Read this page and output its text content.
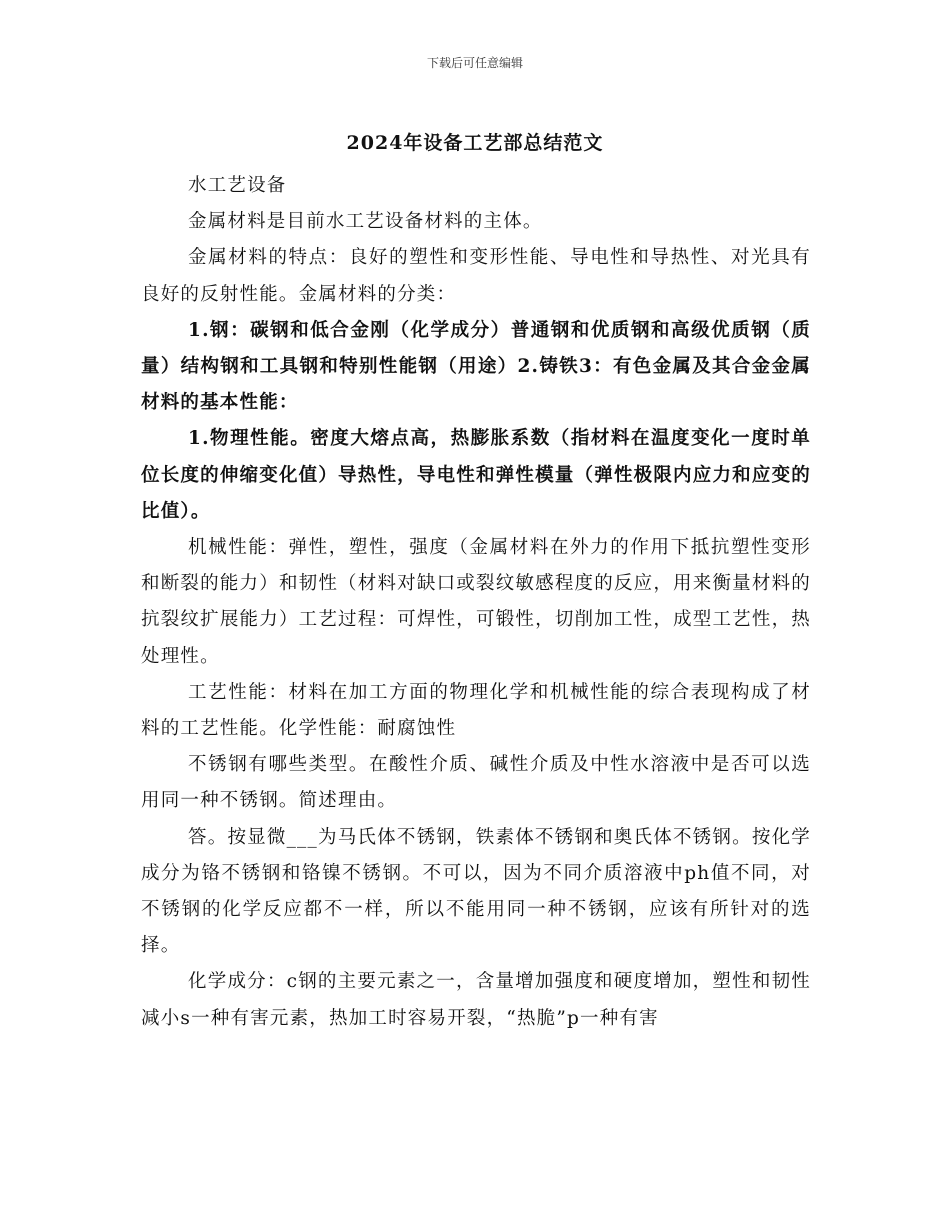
下载后可任意编辑
2024年设备工艺部总结范文

水工艺设备

金属材料是目前水工艺设备材料的主体。

金属材料的特点：良好的塑性和变形性能、导电性和导热性、对光具有良好的反射性能。金属材料的分类：

1.钢：碳钢和低合金刚（化学成分）普通钢和优质钢和高级优质钢（质量）结构钢和工具钢和特别性能钢（用途）2.铸铁3：有色金属及其合金金属材料的基本性能：

1.物理性能。密度大熔点高，热膨胀系数（指材料在温度变化一度时单位长度的伸缩变化值）导热性，导电性和弹性模量（弹性极限内应力和应变的比值）。

机械性能：弹性，塑性，强度（金属材料在外力的作用下抵抗塑性变形和断裂的能力）和韧性（材料对缺口或裂纹敏感程度的反应，用来衡量材料的抗裂纹扩展能力）工艺过程：可焊性，可锻性，切削加工性，成型工艺性，热处理性。

工艺性能：材料在加工方面的物理化学和机械性能的综合表现构成了材料的工艺性能。化学性能：耐腐蚀性

不锈钢有哪些类型。在酸性介质、碱性介质及中性水溶液中是否可以选用同一种不锈钢。简述理由。

答。按显微___为马氏体不锈钢，铁素体不锈钢和奥氏体不锈钢。按化学成分为铬不锈钢和铬镍不锈钢。不可以，因为不同介质溶液中ph值不同，对不锈钢的化学反应都不一样，所以不能用同一种不锈钢，应该有所针对的选择。

化学成分：c钢的主要元素之一，含量增加强度和硬度增加，塑性和韧性减小s一种有害元素，热加工时容易开裂，“热脆”p一种有害
